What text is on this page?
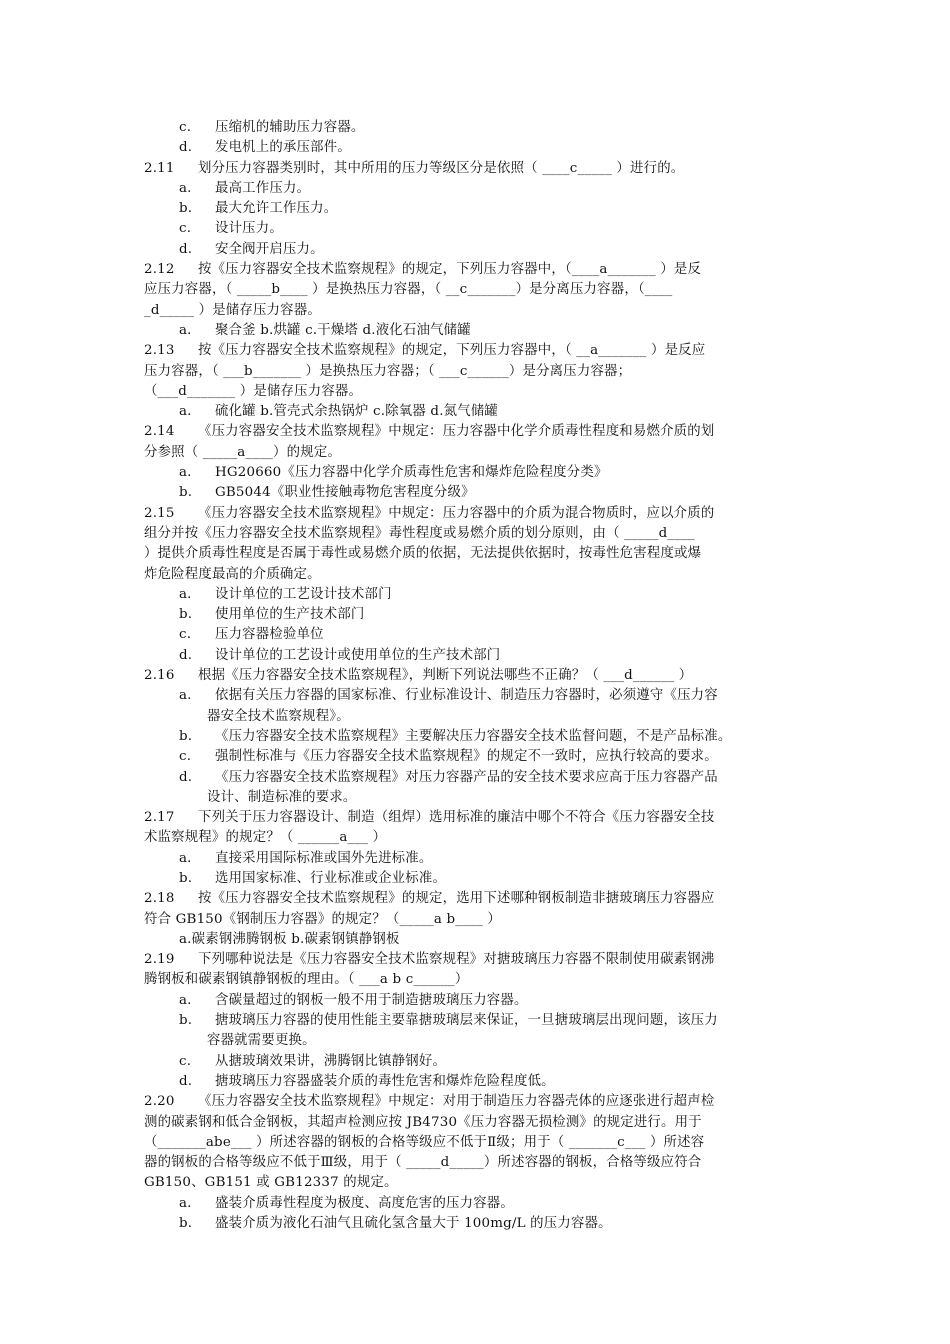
c. 压缩机的辅助压力容器。
d. 发电机上的承压部件。
2.11 划分压力容器类别时，其中所用的压力等级区分是依照（ ____c_____ ）进行的。
a. 最高工作压力。
b. 最大允许工作压力。
c. 设计压力。
d. 安全阀开启压力。
2.12 按《压力容器安全技术监察规程》的规定，下列压力容器中，（____a_______ ）是反
应压力容器，（ _____b____ ）是换热压力容器，（ __c_______）是分离压力容器，（____
_d_____ ）是储存压力容器。
a. 聚合釜 b.烘罐 c.干燥塔 d.液化石油气储罐
2.13 按《压力容器安全技术监察规程》的规定，下列压力容器中，（ __a_______ ）是反应
压力容器，（ ___b_______ ）是换热压力容器；（ ___c______）是分离压力容器；
（___d_______ ）是储存压力容器。
a. 硫化罐 b.管壳式余热锅炉 c.除氧器 d.氮气储罐
2.14 《压力容器安全技术监察规程》中规定：压力容器中化学介质毒性程度和易燃介质的划
分参照（ _____a____）的规定。
a. HG20660《压力容器中化学介质毒性危害和爆炸危险程度分类》
b. GB5044《职业性接触毒物危害程度分级》
2.15 《压力容器安全技术监察规程》中规定：压力容器中的介质为混合物质时，应以介质的
组分并按《压力容器安全技术监察规程》毒性程度或易燃介质的划分原则，由（ _____d____
）提供介质毒性程度是否属于毒性或易燃介质的依据，无法提供依据时，按毒性危害程度或爆
炸危险程度最高的介质确定。
a. 设计单位的工艺设计技术部门
b. 使用单位的生产技术部门
c. 压力容器检验单位
d. 设计单位的工艺设计或使用单位的生产技术部门
2.16 根据《压力容器安全技术监察规程》，判断下列说法哪些不正确？（ ___d______ ）
a. 依据有关压力容器的国家标准、行业标准设计、制造压力容器时，必须遵守《压力容
器安全技术监察规程》。
b. 《压力容器安全技术监察规程》主要解决压力容器安全技术监督问题，不是产品标准。
c. 强制性标准与《压力容器安全技术监察规程》的规定不一致时，应执行较高的要求。
d. 《压力容器安全技术监察规程》对压力容器产品的安全技术要求应高于压力容器产品
设计、制造标准的要求。
2.17 下列关于压力容器设计、制造（组焊）选用标准的廉洁中哪个不符合《压力容器安全技
术监察规程》的规定？（ ______a___ ）
a. 直接采用国际标准或国外先进标准。
b. 选用国家标准、行业标准或企业标准。
2.18 按《压力容器安全技术监察规程》的规定，选用下述哪种钢板制造非搪玻璃压力容器应
符合 GB150《钢制压力容器》的规定？（_____a b____ ）
a.碳素钢沸腾钢板 b.碳素钢镇静钢板
2.19 下列哪种说法是《压力容器安全技术监察规程》对搪玻璃压力容器不限制使用碳素钢沸
腾钢板和碳素钢镇静钢板的理由。（ ___a b c______）
a. 含碳量超过的钢板一般不用于制造搪玻璃压力容器。
b. 搪玻璃压力容器的使用性能主要靠搪玻璃层来保证，一旦搪玻璃层出现问题，该压力
容器就需要更换。
c. 从搪玻璃效果讲，沸腾钢比镇静钢好。
d. 搪玻璃压力容器盛装介质的毒性危害和爆炸危险程度低。
2.20 《压力容器安全技术监察规程》中规定：对用于制造压力容器壳体的应逐张进行超声检
测的碳素钢和低合金钢板，其超声检测应按 JB4730《压力容器无损检测》的规定进行。用于
（_______abe___ ）所述容器的钢板的合格等级应不低于Ⅱ级；用于（ _______c___ ）所述容
器的钢板的合格等级应不低于Ⅲ级，用于（ _____d_____）所述容器的钢板，合格等级应符合
GB150、GB151 或 GB12337 的规定。
a. 盛装介质毒性程度为极度、高度危害的压力容器。
b. 盛装介质为液化石油气且硫化氢含量大于 100mg/L 的压力容器。
